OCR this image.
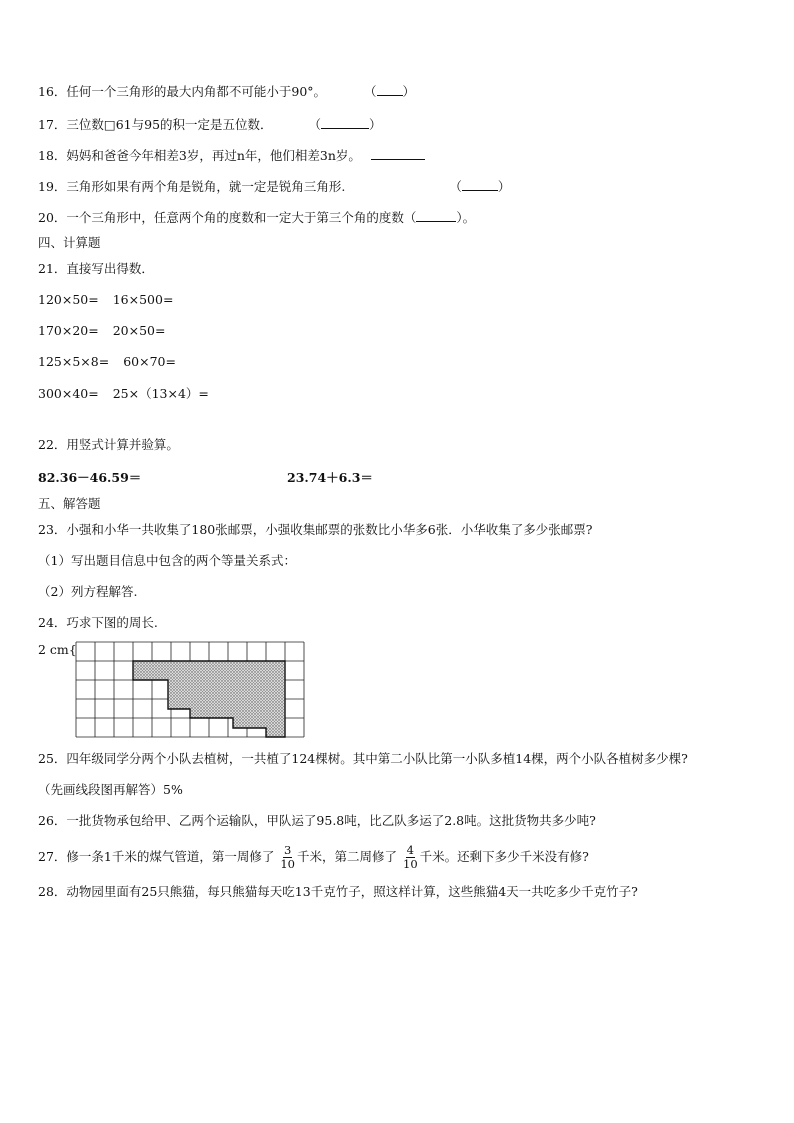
16．任何一个三角形的最大内角都不可能小于90°。	（ ）
17．三位数□61与95的积一定是五位数．	（	）
18．妈妈和爸爸今年相差3岁，再过n年，他们相差3n岁。
19．三角形如果有两个角是锐角，就一定是锐角三角形.	（	）
20．一个三角形中，任意两个角的度数和一定大于第三个角的度数（	）。
四、计算题
21．直接写出得数．
120×50= 16×500=
170×20= 20×50=
125×5×8= 60×70=
300×40= 25×（13×4）=
22．用竖式计算并验算。
82.36－46.59＝	23.74＋6.3＝
五、解答题
23．小强和小华一共收集了180张邮票，小强收集邮票的张数比小华多6张．小华收集了多少张邮票?
（1）写出题目信息中包含的两个等量关系式：
（2）列方程解答.
24．巧求下图的周长.
2 cm{
25．四年级同学分两个小队去植树，一共植了124棵树。其中第二小队比第一小队多植14棵，两个小队各植树多少棵?
（先画线段图再解答）5%
26．一批货物承包给甲、乙两个运输队，甲队运了95.8吨，比乙队多运了2.8吨。这批货物共多少吨?
27．修一条1千米的煤气管道，第一周修了 $\frac{3}{10}$ 千米，第二周修了 $\frac{4}{10}$ 千米。还剩下多少千米没有修?
28．动物园里面有25只熊猫，每只熊猫每天吃13千克竹子，照这样计算，这些熊猫4天一共吃多少千克竹子?
